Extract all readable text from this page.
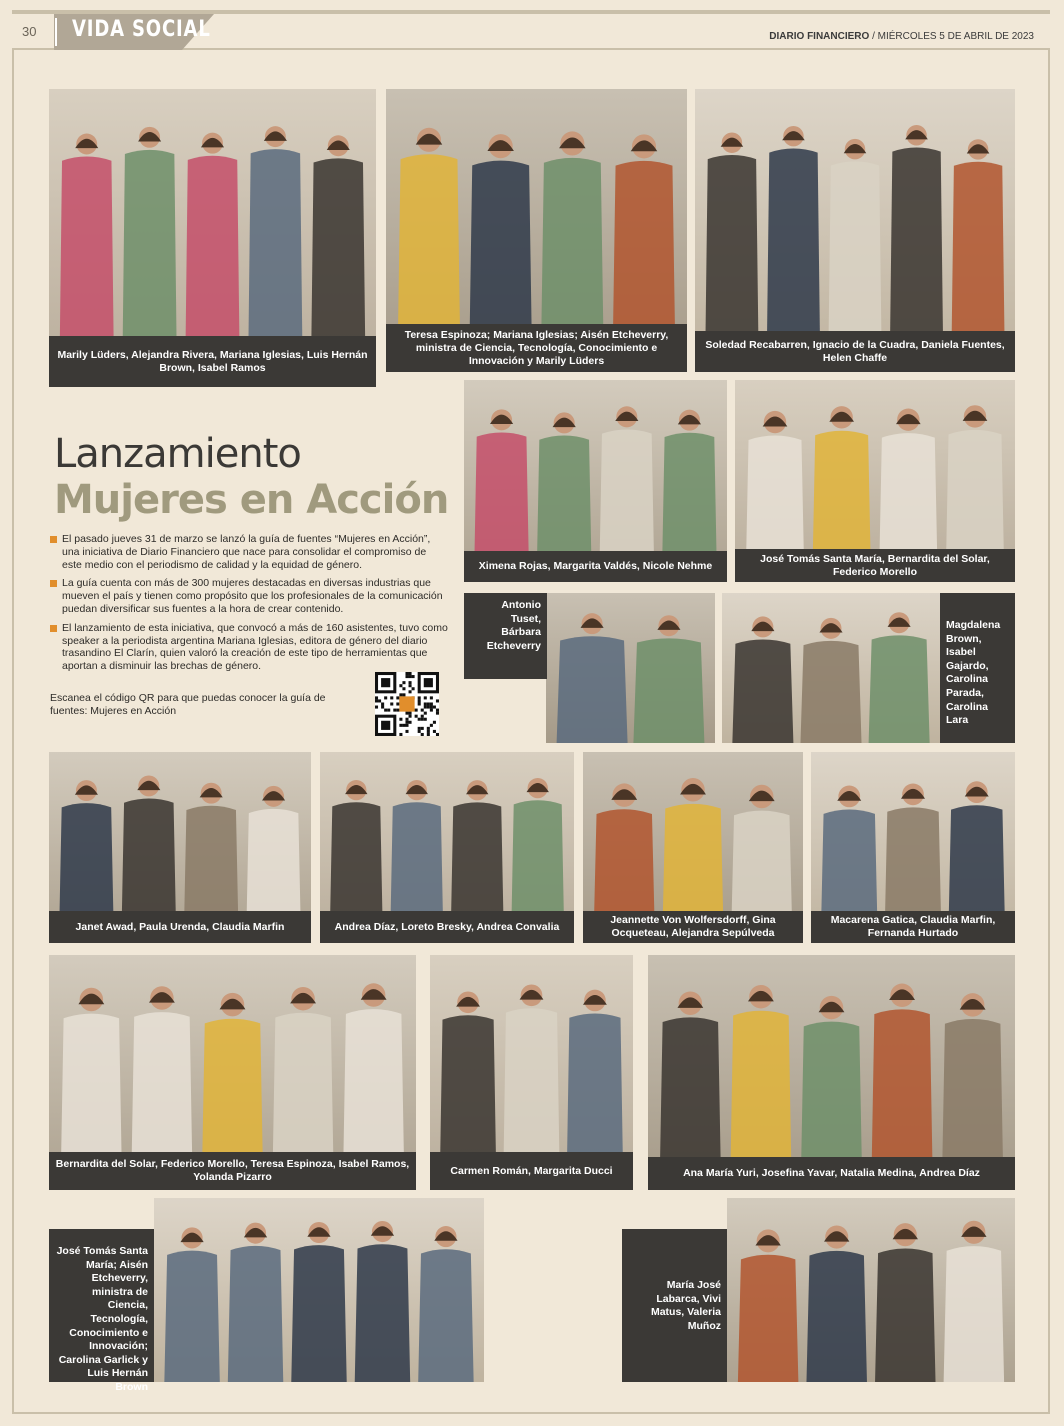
30 VIDA SOCIAL	DIARIO FINANCIERO / MIÉRCOLES 5 DE ABRIL DE 2023
Marily Lüders, Alejandra Rivera, Mariana Iglesias, Luis Hernán Brown, Isabel Ramos
Teresa Espinoza; Mariana Iglesias; Aisén Etcheverry, ministra de Ciencia, Tecnología, Conocimiento e Innovación y Marily Lüders
Soledad Recabarren, Ignacio de la Cuadra, Daniela Fuentes, Helen Chaffe
Ximena Rojas, Margarita Valdés, Nicole Nehme
José Tomás Santa María, Bernardita del Solar, Federico Morello
Antonio Tuset, Bárbara Etcheverry
Magdalena Brown, Isabel Gajardo, Carolina Parada, Carolina Lara
Janet Awad, Paula Urenda, Claudia Marfin	Andrea Díaz, Loreto Bresky, Andrea Convalia
Jeannette Von Wolfersdorff, Gina Ocqueteau, Alejandra Sepúlveda
Macarena Gatica, Claudia Marfin, Fernanda Hurtado
Bernardita del Solar, Federico Morello, Teresa Espinoza, Isabel Ramos, Yolanda Pizarro
Carmen Román, Margarita Ducci	Ana María Yuri, Josefina Yavar, Natalia Medina, Andrea Díaz
José Tomás Santa María; Aisén Etcheverry, ministra de Ciencia, Tecnología, Conocimiento e Innovación; Carolina Garlick y Luis Hernán Brown
María José Labarca, Vivi Matus, Valeria Muñoz
Lanzamiento
Mujeres en Acción
El pasado jueves 31 de marzo se lanzó la guía de fuentes “Mujeres en Acción”, una iniciativa de Diario Financiero que nace para consolidar el compromiso de este medio con el periodismo de calidad y la equidad de género.
La guía cuenta con más de 300 mujeres destacadas en diversas industrias que mueven el país y tienen como propósito que los profesionales de la comunicación puedan diversificar sus fuentes a la hora de crear contenido.
El lanzamiento de esta iniciativa, que convocó a más de 160 asistentes, tuvo como speaker a la periodista argentina Mariana Iglesias, editora de género del diario trasandino El Clarín, quien valoró la creación de este tipo de herramientas que aportan a disminuir las brechas de género.
Escanea el código QR para que puedas conocer la guía de fuentes: Mujeres en Acción
